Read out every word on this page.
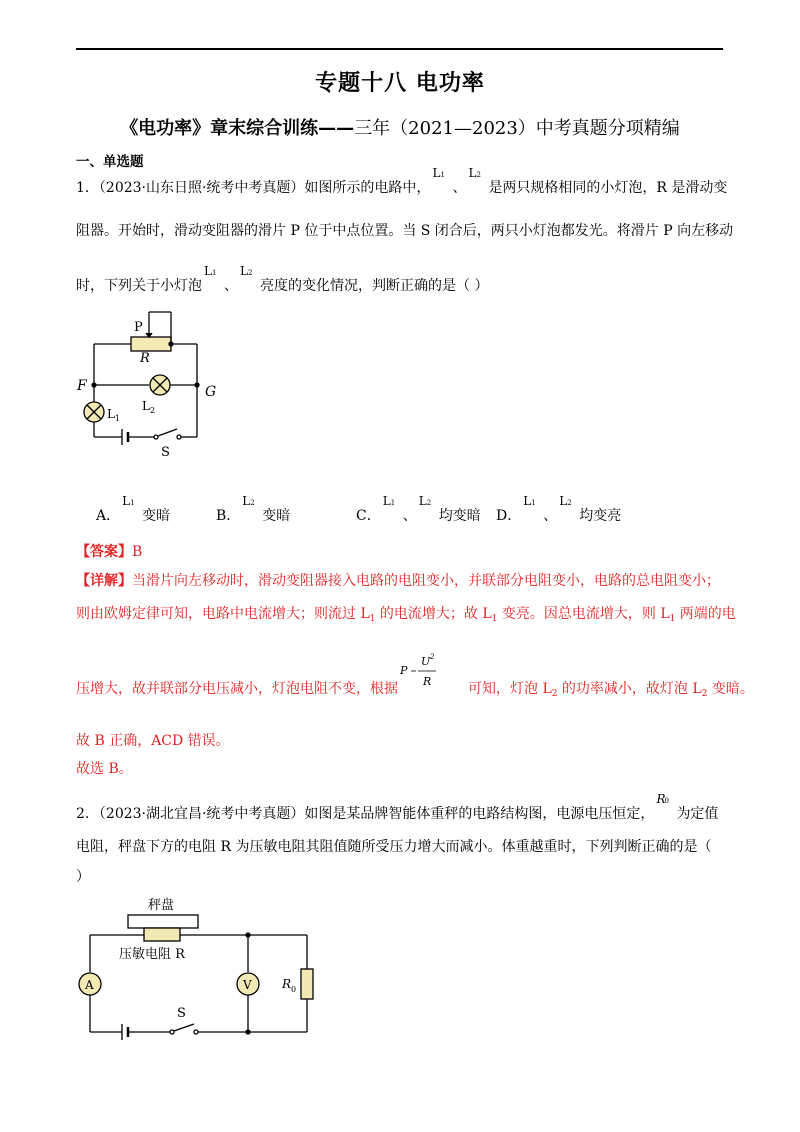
专题十八 电功率
《电功率》章末综合训练——三年（2021—2023）中考真题分项精编
一、单选题
1．（2023·山东日照·统考中考真题）如图所示的电路中，
L 1
、
L 2
是两只规格相同的小灯泡，R 是滑动变
阻器。开始时，滑动变阻器的滑片 P 位于中点位置。当 S 闭合后，两只小灯泡都发光。将滑片 P 向左移动
时，下列关于小灯泡
L 1
、
L 2
亮度的变化情况，判断正确的是（ ）
P
R
F	G
$L_2$
$L_1$
S
A．
L 1
变暗	B．
L 2
变暗	C．
L 1
、
L 2
均变暗 D．
L 1
、
L 2
均变亮
【答案】B
【详解】当滑片向左移动时，滑动变阻器接入电路的电阻变小，并联部分电阻变小，电路的总电阻变小；
则由欧姆定律可知，电路中电流增大；则流过 $L_1$ 的电流增大；故 $L_1$ 变亮。因总电流增大，则 $L_1$ 两端的电
压增大，故并联部分电压减小，灯泡电阻不变，根据	可知，灯泡 $L_2$ 的功率减小，故灯泡 $L_2$ 变暗。
P
U 2
R
故 B 正确，ACD 错误。
故选 B。
2．（2023·湖北宜昌·统考中考真题）如图是某品牌智能体重秤的电路结构图，电源电压恒定，
R
0
为定值
电阻，秤盘下方的电阻 R 为压敏电阻其阻值随所受压力增大而减小。体重越重时，下列判断正确的是（
）
秤盘
压敏电阻 R
A	V	$R_0$
S
